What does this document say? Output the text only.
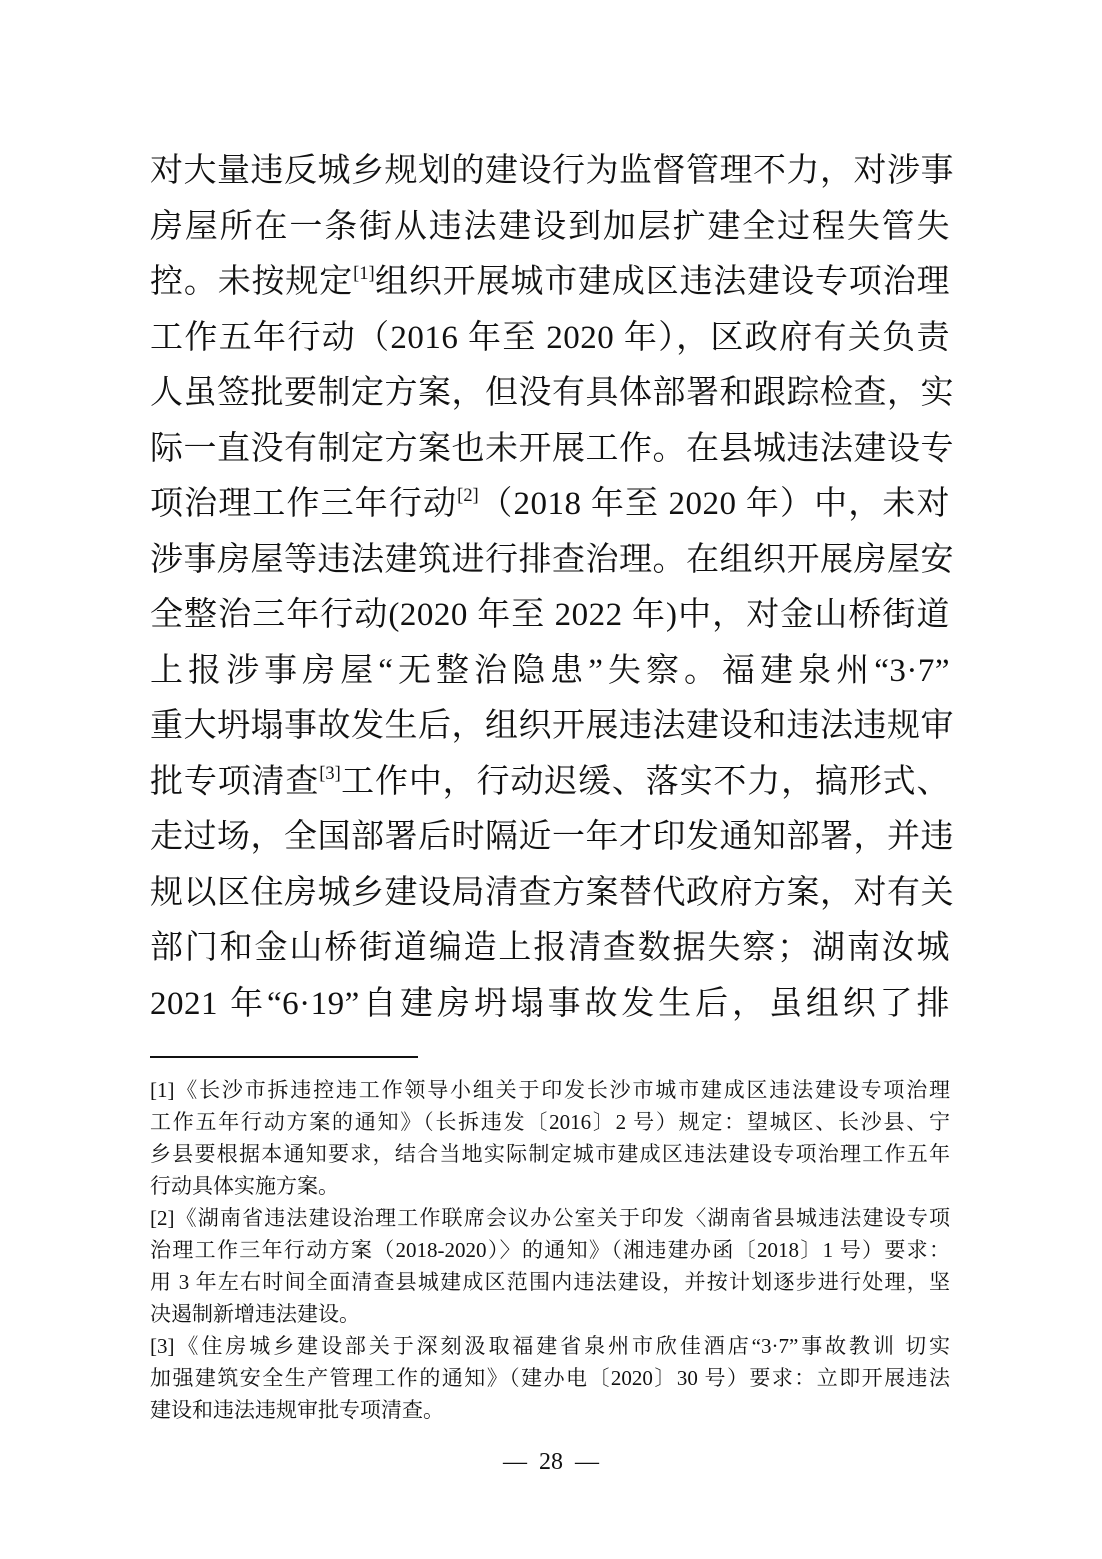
对大量违反城乡规划的建设行为监督管理不力，对涉事
房屋所在一条街从违法建设到加层扩建全过程失管失
控。未按规定[1]组织开展城市建成区违法建设专项治理
工作五年行动（2016 年至 2020 年），区政府有关负责
人虽签批要制定方案，但没有具体部署和跟踪检查，实
际一直没有制定方案也未开展工作。在县城违法建设专
项治理工作三年行动[2]（2018 年至 2020 年）中，未对
涉事房屋等违法建筑进行排查治理。在组织开展房屋安
全整治三年行动(2020 年至 2022 年)中，对金山桥街道
上报涉事房屋“无整治隐患”失察。福建泉州“3·7”
重大坍塌事故发生后，组织开展违法建设和违法违规审
批专项清查[3]工作中，行动迟缓、落实不力，搞形式、
走过场，全国部署后时隔近一年才印发通知部署，并违
规以区住房城乡建设局清查方案替代政府方案，对有关
部门和金山桥街道编造上报清查数据失察；湖南汝城
2021 年“6·19”自建房坍塌事故发生后，虽组织了排
[1]《长沙市拆违控违工作领导小组关于印发长沙市城市建成区违法建设专项治理
工作五年行动方案的通知》（长拆违发〔2016〕2 号）规定：望城区、长沙县、宁
乡县要根据本通知要求，结合当地实际制定城市建成区违法建设专项治理工作五年
行动具体实施方案。
[2]《湖南省违法建设治理工作联席会议办公室关于印发〈湖南省县城违法建设专项
治理工作三年行动方案（2018-2020）〉的通知》（湘违建办函〔2018〕1 号）要求：
用 3 年左右时间全面清查县城建成区范围内违法建设，并按计划逐步进行处理，坚
决遏制新增违法建设。
[3]《住房城乡建设部关于深刻汲取福建省泉州市欣佳酒店“3·7”事故教训 切实
加强建筑安全生产管理工作的通知》（建办电〔2020〕30 号）要求：立即开展违法
建设和违法违规审批专项清查。
— 28 —
